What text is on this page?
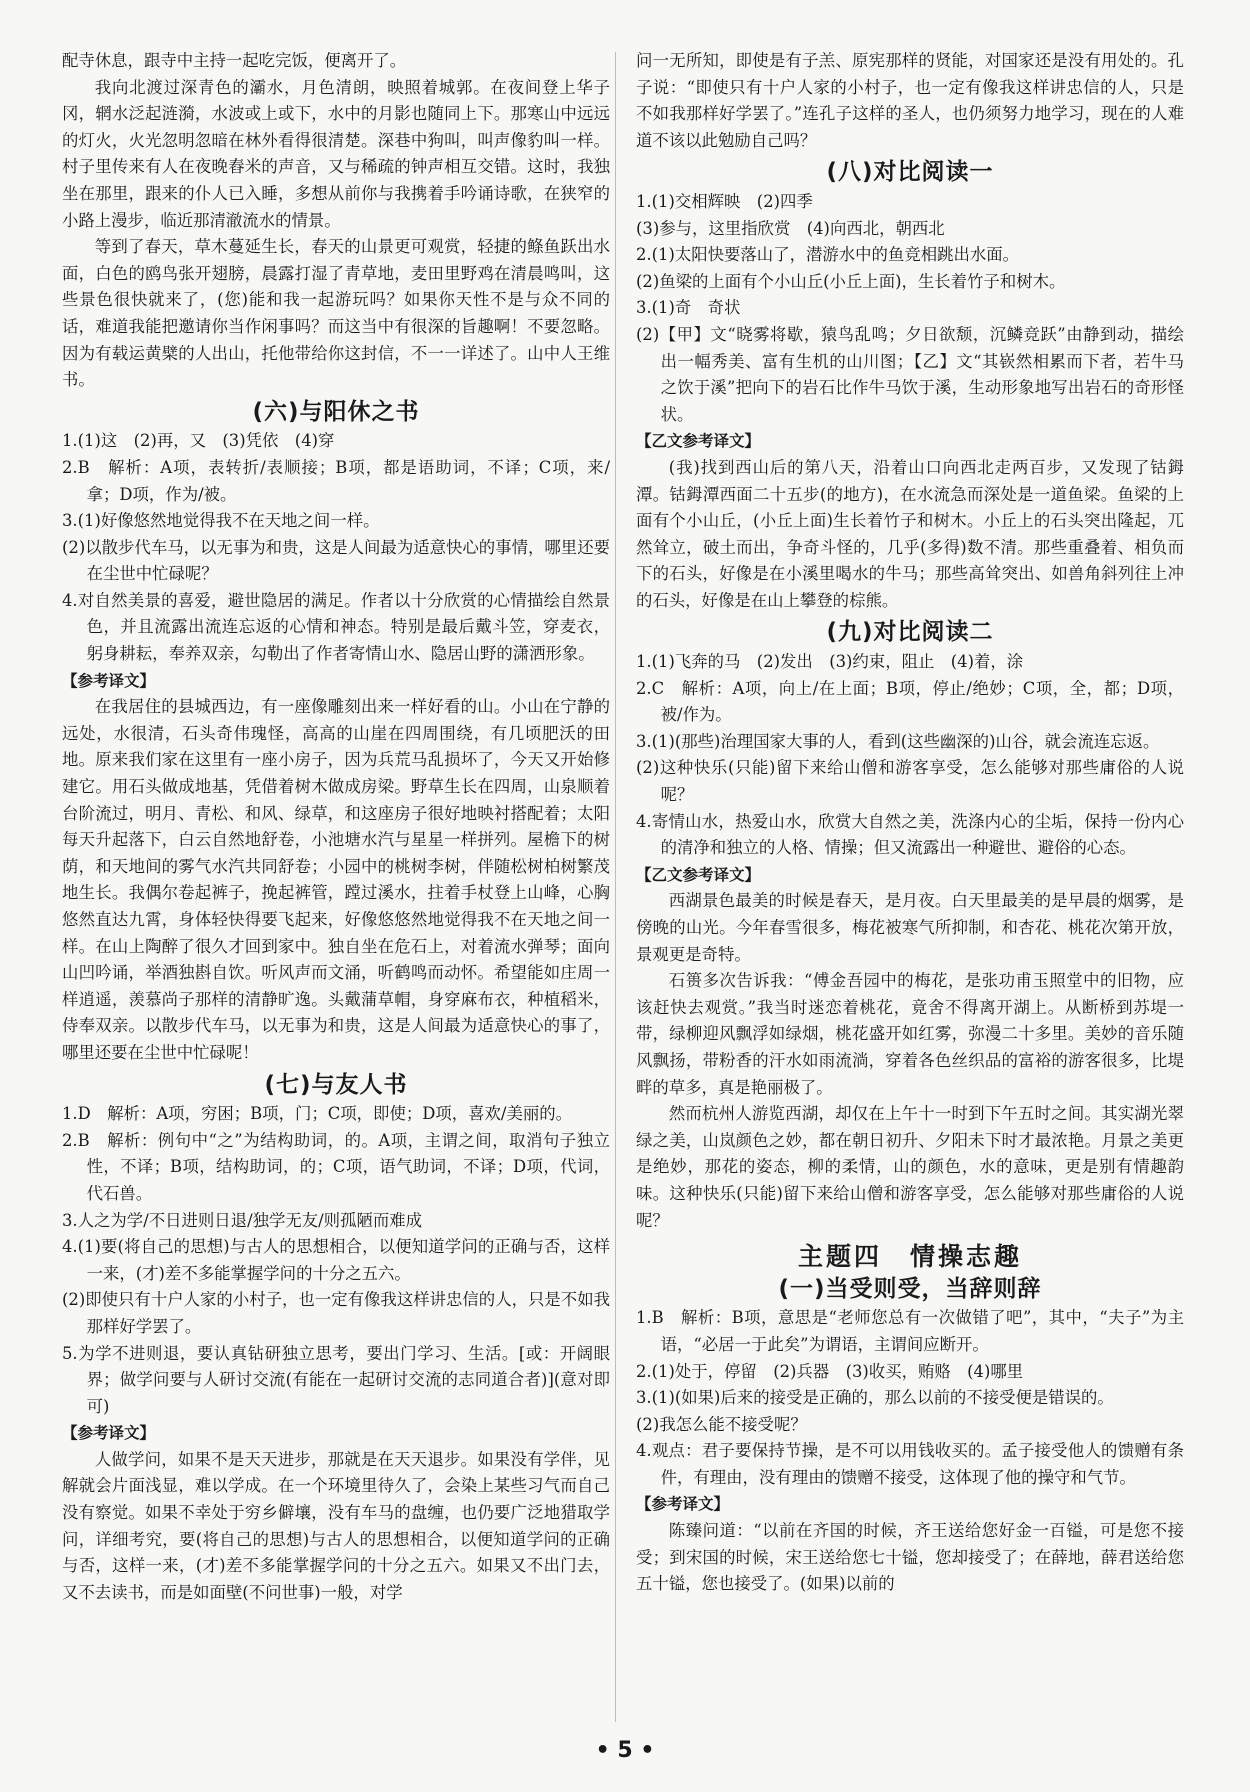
配寺休息，跟寺中主持一起吃完饭，便离开了。

我向北渡过深青色的灞水，月色清朗，映照着城郭。在夜间登上华子冈，辋水泛起涟漪，水波或上或下，水中的月影也随同上下。那寒山中远远的灯火，火光忽明忽暗在林外看得很清楚。深巷中狗叫，叫声像豹叫一样。村子里传来有人在夜晚舂米的声音，又与稀疏的钟声相互交错。这时，我独坐在那里，跟来的仆人已入睡，多想从前你与我携着手吟诵诗歌，在狭窄的小路上漫步，临近那清澈流水的情景。

等到了春天，草木蔓延生长，春天的山景更可观赏，轻捷的鲦鱼跃出水面，白色的鸥鸟张开翅膀，晨露打湿了青草地，麦田里野鸡在清晨鸣叫，这些景色很快就来了，(您)能和我一起游玩吗？如果你天性不是与众不同的话，难道我能把邀请你当作闲事吗？而这当中有很深的旨趣啊！不要忽略。因为有载运黄檗的人出山，托他带给你这封信，不一一详述了。山中人王维书。

(六)与阳休之书

1.(1)这　(2)再，又　(3)凭依　(4)穿

2.B　解析：A项，表转折/表顺接；B项，都是语助词，不译；C项，来/拿；D项，作为/被。

3.(1)好像悠然地觉得我不在天地之间一样。

(2)以散步代车马，以无事为和贵，这是人间最为适意快心的事情，哪里还要在尘世中忙碌呢？

4.对自然美景的喜爱，避世隐居的满足。作者以十分欣赏的心情描绘自然景色，并且流露出流连忘返的心情和神态。特别是最后戴斗笠，穿麦衣，躬身耕耘，奉养双亲，勾勒出了作者寄情山水、隐居山野的潇洒形象。

【参考译文】

在我居住的县城西边，有一座像雕刻出来一样好看的山。小山在宁静的远处，水很清，石头奇伟瑰怪，高高的山崖在四周围绕，有几顷肥沃的田地。原来我们家在这里有一座小房子，因为兵荒马乱损坏了，今天又开始修建它。用石头做成地基，凭借着树木做成房梁。野草生长在四周，山泉顺着台阶流过，明月、青松、和风、绿草，和这座房子很好地映衬搭配着；太阳每天升起落下，白云自然地舒卷，小池塘水汽与星星一样拼列。屋檐下的树荫，和天地间的雾气水汽共同舒卷；小园中的桃树李树，伴随松树柏树繁茂地生长。我偶尔卷起裤子，挽起裤管，蹚过溪水，拄着手杖登上山峰，心胸悠然直达九霄，身体轻快得要飞起来，好像悠悠然地觉得我不在天地之间一样。在山上陶醉了很久才回到家中。独自坐在危石上，对着流水弹琴；面向山凹吟诵，举酒独斟自饮。听风声而文涌，听鹤鸣而动怀。希望能如庄周一样逍遥，羡慕尚子那样的清静旷逸。头戴蒲草帽，身穿麻布衣，种植稻米，侍奉双亲。以散步代车马，以无事为和贵，这是人间最为适意快心的事了，哪里还要在尘世中忙碌呢！

(七)与友人书

1.D　解析：A项，穷困；B项，门；C项，即使；D项，喜欢/美丽的。

2.B　解析：例句中“之”为结构助词，的。A项，主谓之间，取消句子独立性，不译；B项，结构助词，的；C项，语气助词，不译；D项，代词，代石兽。

3.人之为学/不日进则日退/独学无友/则孤陋而难成

4.(1)要(将自己的思想)与古人的思想相合，以便知道学问的正确与否，这样一来，(才)差不多能掌握学问的十分之五六。

(2)即使只有十户人家的小村子，也一定有像我这样讲忠信的人，只是不如我那样好学罢了。

5.为学不进则退，要认真钻研独立思考，要出门学习、生活。[或：开阔眼界；做学问要与人研讨交流(有能在一起研讨交流的志同道合者)](意对即可)

【参考译文】

人做学问，如果不是天天进步，那就是在天天退步。如果没有学伴，见解就会片面浅显，难以学成。在一个环境里待久了，会染上某些习气而自己没有察觉。如果不幸处于穷乡僻壤，没有车马的盘缠，也仍要广泛地猎取学问，详细考究，要(将自己的思想)与古人的思想相合，以便知道学问的正确与否，这样一来，(才)差不多能掌握学问的十分之五六。如果又不出门去，又不去读书，而是如面壁(不问世事)一般，对学

问一无所知，即使是有子羔、原宪那样的贤能，对国家还是没有用处的。孔子说：“即使只有十户人家的小村子，也一定有像我这样讲忠信的人，只是不如我那样好学罢了。”连孔子这样的圣人，也仍须努力地学习，现在的人难道不该以此勉励自己吗？

(八)对比阅读一

1.(1)交相辉映　(2)四季

(3)参与，这里指欣赏　(4)向西北，朝西北

2.(1)太阳快要落山了，潜游水中的鱼竞相跳出水面。

(2)鱼梁的上面有个小山丘(小丘上面)，生长着竹子和树木。

3.(1)奇　奇状

(2)【甲】文“晓雾将歇，猿鸟乱鸣；夕日欲颓，沉鳞竞跃”由静到动，描绘出一幅秀美、富有生机的山川图；【乙】文“其嵚然相累而下者，若牛马之饮于溪”把向下的岩石比作牛马饮于溪，生动形象地写出岩石的奇形怪状。

【乙文参考译文】

(我)找到西山后的第八天，沿着山口向西北走两百步，又发现了钴鉧潭。钴鉧潭西面二十五步(的地方)，在水流急而深处是一道鱼梁。鱼梁的上面有个小山丘，(小丘上面)生长着竹子和树木。小丘上的石头突出隆起，兀然耸立，破土而出，争奇斗怪的，几乎(多得)数不清。那些重叠着、相负而下的石头，好像是在小溪里喝水的牛马；那些高耸突出、如兽角斜列往上冲的石头，好像是在山上攀登的棕熊。

(九)对比阅读二

1.(1)飞奔的马　(2)发出　(3)约束，阻止　(4)着，涂

2.C　解析：A项，向上/在上面；B项，停止/绝妙；C项，全，都；D项，被/作为。

3.(1)(那些)治理国家大事的人，看到(这些幽深的)山谷，就会流连忘返。

(2)这种快乐(只能)留下来给山僧和游客享受，怎么能够对那些庸俗的人说呢？

4.寄情山水，热爱山水，欣赏大自然之美，洗涤内心的尘垢，保持一份内心的清净和独立的人格、情操；但又流露出一种避世、避俗的心态。

【乙文参考译文】

西湖景色最美的时候是春天，是月夜。白天里最美的是早晨的烟雾，是傍晚的山光。今年春雪很多，梅花被寒气所抑制，和杏花、桃花次第开放，景观更是奇特。

石篑多次告诉我：“傅金吾园中的梅花，是张功甫玉照堂中的旧物，应该赶快去观赏。”我当时迷恋着桃花，竟舍不得离开湖上。从断桥到苏堤一带，绿柳迎风飘浮如绿烟，桃花盛开如红雾，弥漫二十多里。美妙的音乐随风飘扬，带粉香的汗水如雨流淌，穿着各色丝织品的富裕的游客很多，比堤畔的草多，真是艳丽极了。

然而杭州人游览西湖，却仅在上午十一时到下午五时之间。其实湖光翠绿之美，山岚颜色之妙，都在朝日初升、夕阳未下时才最浓艳。月景之美更是绝妙，那花的姿态，柳的柔情，山的颜色，水的意味，更是别有情趣韵味。这种快乐(只能)留下来给山僧和游客享受，怎么能够对那些庸俗的人说呢？

主题四　情操志趣
(一)当受则受，当辞则辞

1.B　解析：B项，意思是“老师您总有一次做错了吧”，其中，“夫子”为主语，“必居一于此矣”为谓语，主谓间应断开。

2.(1)处于，停留　(2)兵器　(3)收买，贿赂　(4)哪里

3.(1)(如果)后来的接受是正确的，那么以前的不接受便是错误的。

(2)我怎么能不接受呢？

4.观点：君子要保持节操，是不可以用钱收买的。孟子接受他人的馈赠有条件，有理由，没有理由的馈赠不接受，这体现了他的操守和气节。

【参考译文】

陈臻问道：“以前在齐国的时候，齐王送给您好金一百镒，可是您不接受；到宋国的时候，宋王送给您七十镒，您却接受了；在薛地，薛君送给您五十镒，您也接受了。(如果)以前的

• 5 •
